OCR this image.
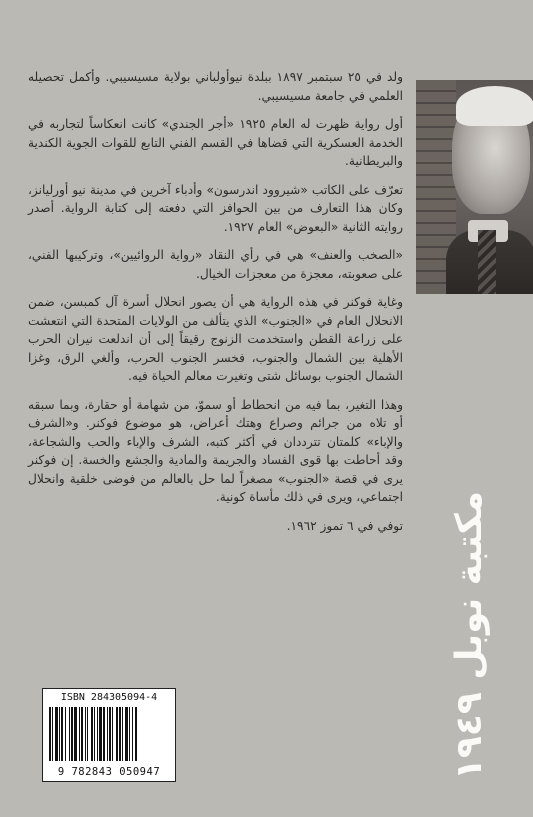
ولد في ٢٥ سبتمبر ١٨٩٧ ببلدة نيوأولباني بولاية مسيسيبي. وأكمل تحصيله العلمي في جامعة مسيسيبي.

أول رواية ظهرت له العام ١٩٢٥ «أجر الجندي» كانت انعكاساً لتجاربه في الخدمة العسكرية التي قضاها في القسم الفني التابع للقوات الجوية الكندية والبريطانية.

تعرّف على الكاتب «شيروود اندرسون» وأدباء آخرين في مدينة نيو أورليانز، وكان هذا التعارف من بين الحوافز التي دفعته إلى كتابة الرواية. أصدر روايته الثانية «البعوض» العام ١٩٢٧.

«الصخب والعنف» هي في رأي النقاد «رواية الروائيين»، وتركيبها الفني، على صعوبته، معجزة من معجزات الخيال.

وغاية فوكنر في هذه الرواية هي أن يصور انحلال أسرة آل كمبسن، ضمن الانحلال العام في «الجنوب» الذي يتألف من الولايات المتحدة التي انتعشت على زراعة القطن واستخدمت الزنوج رقيقاً إلى أن اندلعت نيران الحرب الأهلية بين الشمال والجنوب، فخسر الجنوب الحرب، وألغي الرق، وغزا الشمال الجنوب بوسائل شتى وتغيرت معالم الحياة فيه.

وهذا التغير، بما فيه من انحطاط أو سموّ، من شهامة أو حقارة، وبما سبقه أو تلاه من جرائم وصراع وهتك أعراض، هو موضوع فوكنر. و«الشرف والإباء» كلمتان تترددان في أكثر كتبه، الشرف والإباء والحب والشجاعة، وقد أحاطت بها قوى الفساد والجريمة والمادية والجشع والخسة. إن فوكنر يرى في قصة «الجنوب» مصغراً لما حل بالعالم من فوضى خلقية وانحلال اجتماعي، ويرى في ذلك مأساة كونية.

توفي في ٦ تموز ١٩٦٢.

مكتبة نوبل ١٩٤٩
ISBN 284305094-4
9 782843 050947
